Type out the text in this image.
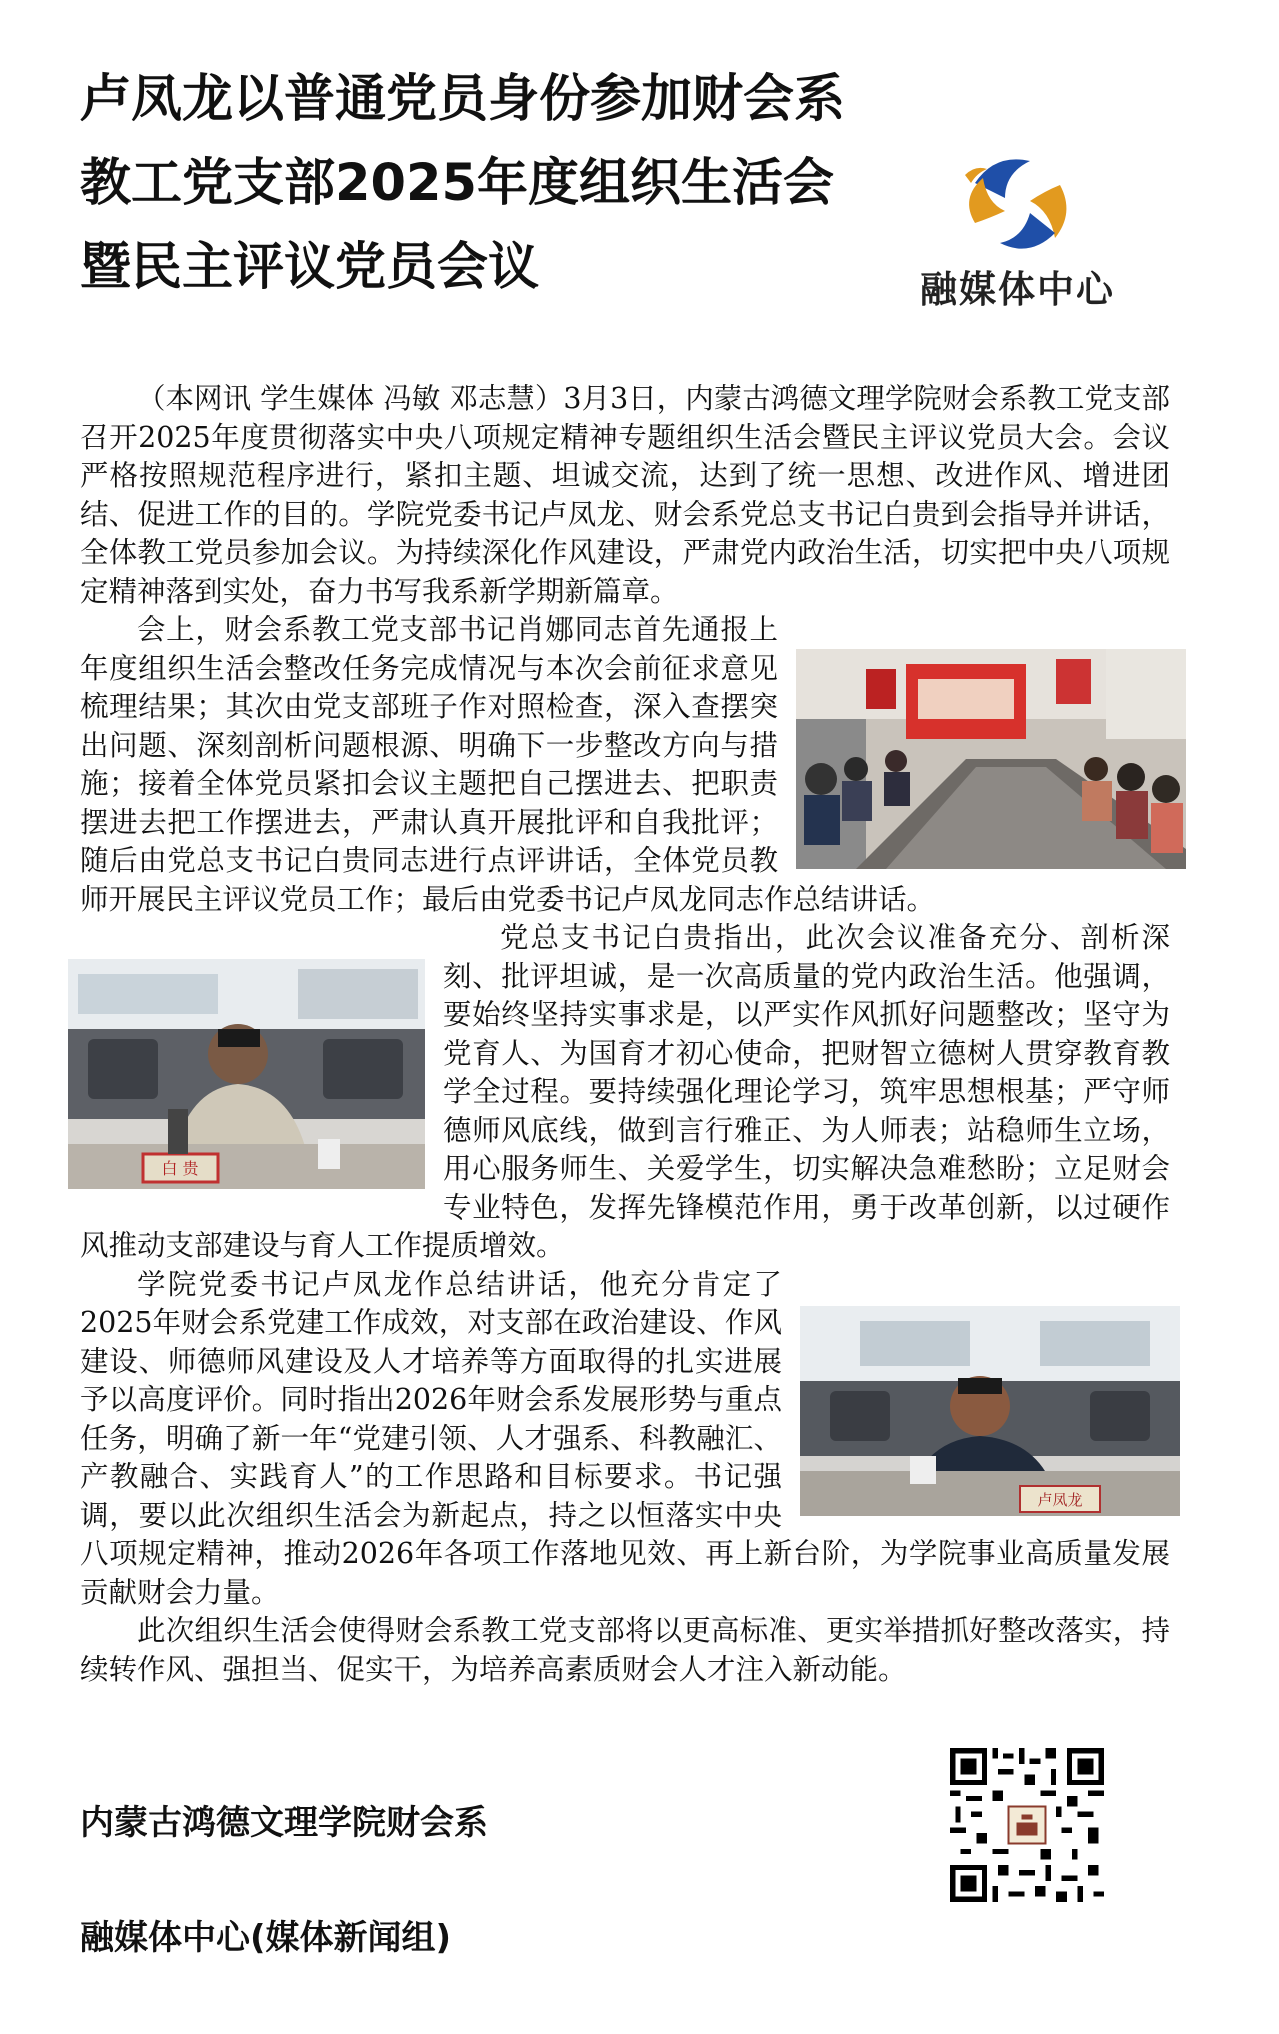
卢凤龙以普通党员身份参加财会系教工党支部2025年度组织生活会暨民主评议党员会议	融媒体中心

（本网讯 学生媒体 冯敏 邓志慧）3月3日，内蒙古鸿德文理学院财会系教工党支部召开2025年度贯彻落实中央八项规定精神专题组织生活会暨民主评议党员大会。会议严格按照规范程序进行，紧扣主题、坦诚交流，达到了统一思想、改进作风、增进团结、促进工作的目的。学院党委书记卢凤龙、财会系党总支书记白贵到会指导并讲话，全体教工党员参加会议。为持续深化作风建设，严肃党内政治生活，切实把中央八项规定精神落到实处，奋力书写我系新学期新篇章。

会上，财会系教工党支部书记肖娜同志首先通报上年度组织生活会整改任务完成情况与本次会前征求意见梳理结果；其次由党支部班子作对照检查，深入查摆突出问题、深刻剖析问题根源、明确下一步整改方向与措施；接着全体党员紧扣会议主题把自己摆进去、把职责摆进去把工作摆进去，严肃认真开展批评和自我批评；随后由党总支书记白贵同志进行点评讲话，全体党员教师开展民主评议党员工作；最后由党委书记卢凤龙同志作总结讲话。

白 贵

党总支书记白贵指出，此次会议准备充分、剖析深刻、批评坦诚，是一次高质量的党内政治生活。他强调，要始终坚持实事求是，以严实作风抓好问题整改；坚守为党育人、为国育才初心使命，把财智立德树人贯穿教育教学全过程。要持续强化理论学习，筑牢思想根基；严守师德师风底线，做到言行雅正、为人师表；站稳师生立场，用心服务师生、关爱学生，切实解决急难愁盼；立足财会专业特色，发挥先锋模范作用，勇于改革创新，以过硬作风推动支部建设与育人工作提质增效。

卢凤龙

学院党委书记卢凤龙作总结讲话，他充分肯定了2025年财会系党建工作成效，对支部在政治建设、作风建设、师德师风建设及人才培养等方面取得的扎实进展予以高度评价。同时指出2026年财会系发展形势与重点任务，明确了新一年“党建引领、人才强系、科教融汇、产教融合、实践育人”的工作思路和目标要求。书记强调，要以此次组织生活会为新起点，持之以恒落实中央八项规定精神，推动2026年各项工作落地见效、再上新台阶，为学院事业高质量发展贡献财会力量。

此次组织生活会使得财会系教工党支部将以更高标准、更实举措抓好整改落实，持续转作风、强担当、促实干，为培养高素质财会人才注入新动能。

内蒙古鸿德文理学院财会系
融媒体中心(媒体新闻组)
